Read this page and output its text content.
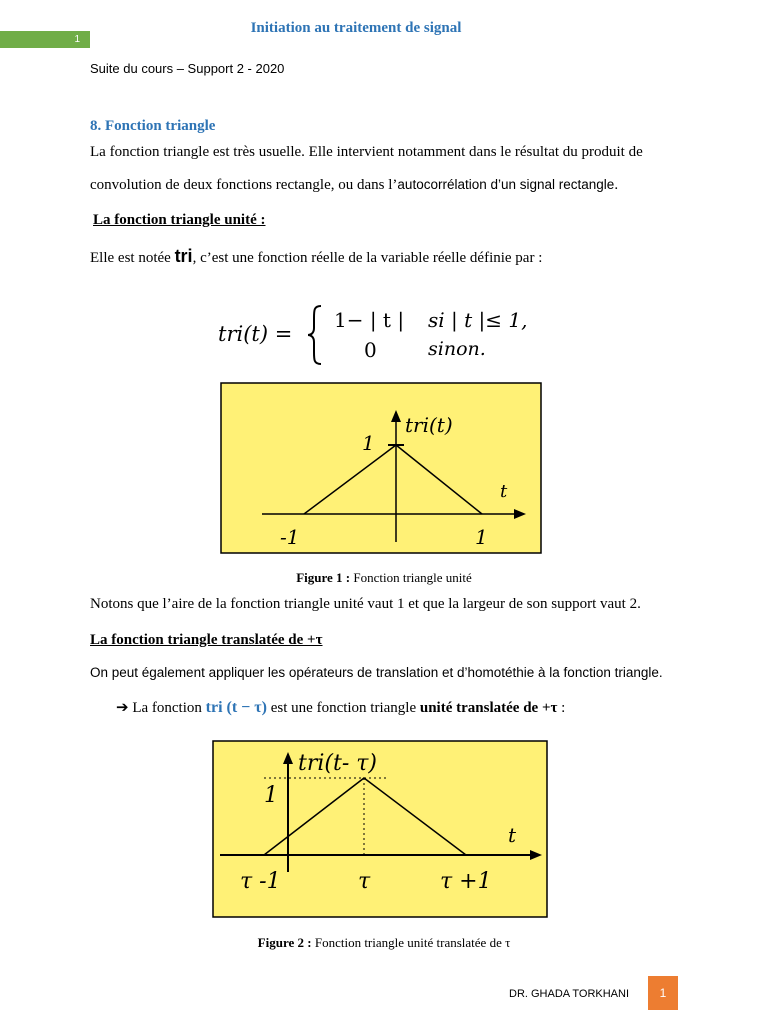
Initiation au traitement de signal
1
Suite du cours – Support 2 - 2020
8. Fonction triangle
La fonction triangle est très usuelle. Elle intervient notamment dans le résultat du produit de
convolution de deux fonctions rectangle, ou dans l’autocorrélation d’un signal rectangle.
La fonction triangle unité :
Elle est notée tri, c’est une fonction réelle de la variable réelle définie par :
tri(t) =
1− | t | si | t |≤ 1,
0	sinon.
tri(t)
t
1
-1	1
Figure 1 : Fonction triangle unité
Notons que l’aire de la fonction triangle unité vaut 1 et que la largeur de son support vaut 2.
La fonction triangle translatée de +τ
On peut également appliquer les opérateurs de translation et d’homotéthie à la fonction triangle.
➔ La fonction tri (t − τ) est une fonction triangle unité translatée de +τ :
tri(t- τ)
t
1
τ -1	τ	τ +1
Figure 2 : Fonction triangle unité translatée de τ
DR. GHADA TORKHANI	1
